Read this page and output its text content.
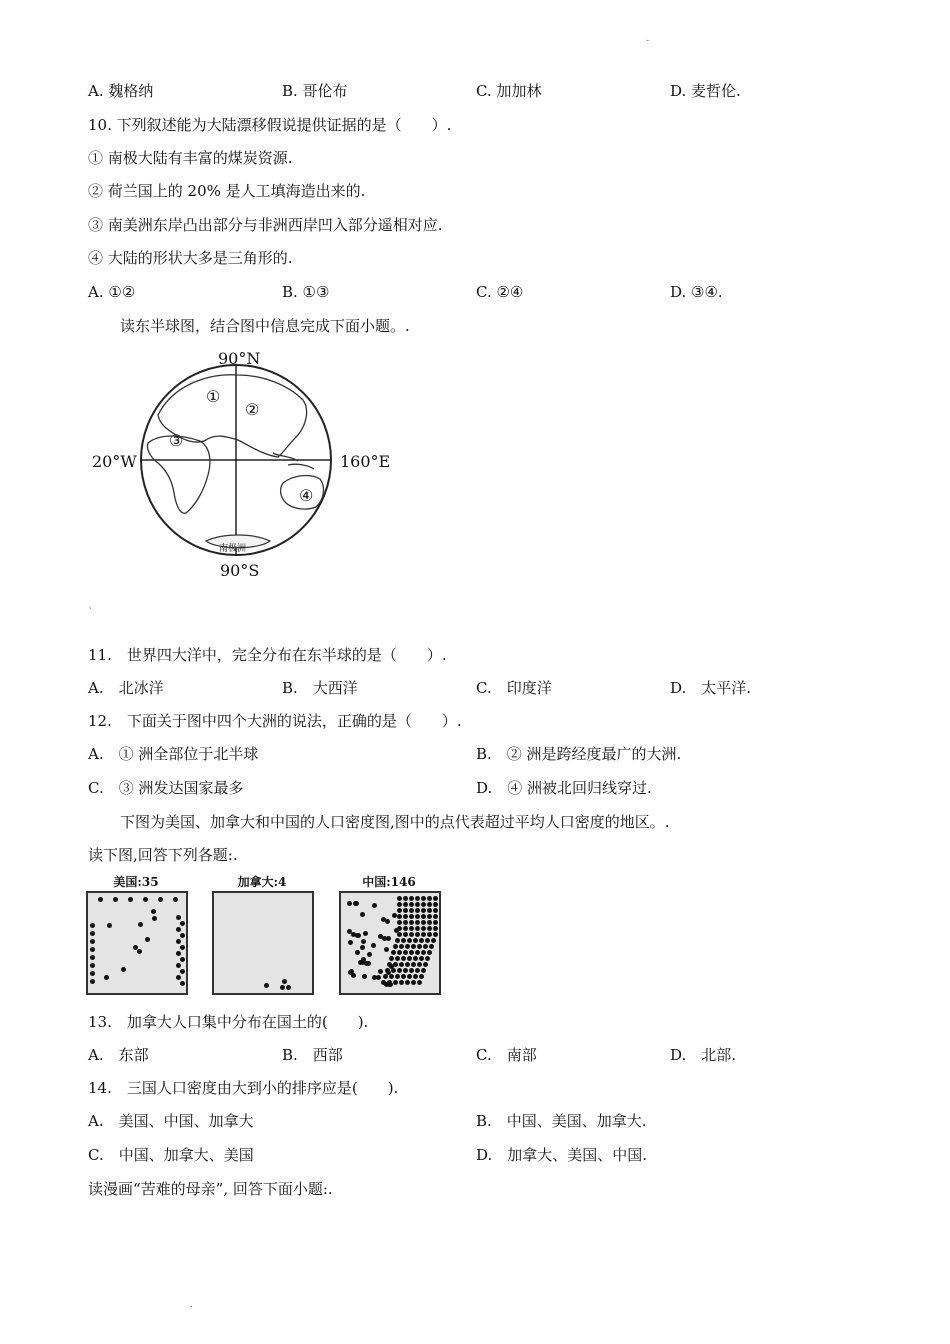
-
˛
.
A. 魏格纳	B. 哥伦布	C. 加加林	D. 麦哲伦.
10. 下列叙述能为大陆漂移假说提供证据的是（　　）.
① 南极大陆有丰富的煤炭资源.
② 荷兰国上的 20% 是人工填海造出来的.
③ 南美洲东岸凸出部分与非洲西岸凹入部分遥相对应.
④ 大陆的形状大多是三角形的.
A. ①②	B. ①③	C. ②④	D. ③④.
读东半球图，结合图中信息完成下面小题。.
90°N
90°S
20°W	160°E
南极洲
①
②
③
④
11.　世界四大洋中，完全分布在东半球的是（　　）.
A.　北冰洋	B.　大西洋	C.　印度洋	D.　太平洋.
12.　下面关于图中四个大洲的说法，正确的是（　　）.
A.　① 洲全部位于北半球	B.　② 洲是跨经度最广的大洲.
C.　③ 洲发达国家最多	D.　④ 洲被北回归线穿过.
下图为美国、加拿大和中国的人口密度图,图中的点代表超过平均人口密度的地区。.
读下图,回答下列各题:.
美国:35	加拿大:4	中国:146
13.　加拿大人口集中分布在国土的(　　).
A.　东部	B.　西部	C.　南部	D.　北部.
14.　三国人口密度由大到小的排序应是(　　).
A.　美国、中国、加拿大	B.　中国、美国、加拿大.
C.　中国、加拿大、美国	D.　加拿大、美国、中国.
读漫画“苦难的母亲”, 回答下面小题:.
